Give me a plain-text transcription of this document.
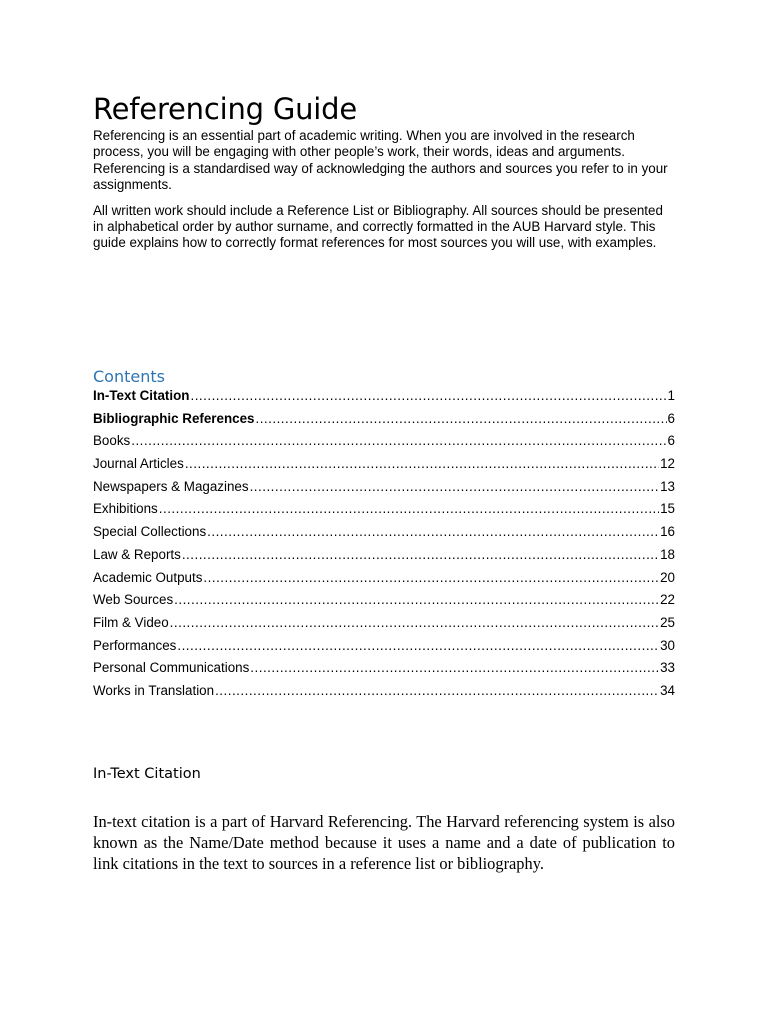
Referencing Guide

Referencing is an essential part of academic writing. When you are involved in the research process, you will be engaging with other people’s work, their words, ideas and arguments. Referencing is a standardised way of acknowledging the authors and sources you refer to in your assignments.

All written work should include a Reference List or Bibliography. All sources should be presented in alphabetical order by author surname, and correctly formatted in the AUB Harvard style. This guide explains how to correctly format references for most sources you will use, with examples.

Contents
In-Text Citation .....	1
Bibliographic References .....	6
Books .....	6
Journal Articles .....	12
Newspapers & Magazines .....	13
Exhibitions .....	15
Special Collections .....	16
Law & Reports .....	18
Academic Outputs .....	20
Web Sources .....	22
Film & Video .....	25
Performances .....	30
Personal Communications .....	33
Works in Translation .....	34
In-Text Citation

In-text citation is a part of Harvard Referencing. The Harvard referencing system is also known as the Name/Date method because it uses a name and a date of publication to link citations in the text to sources in a reference list or bibliography.
